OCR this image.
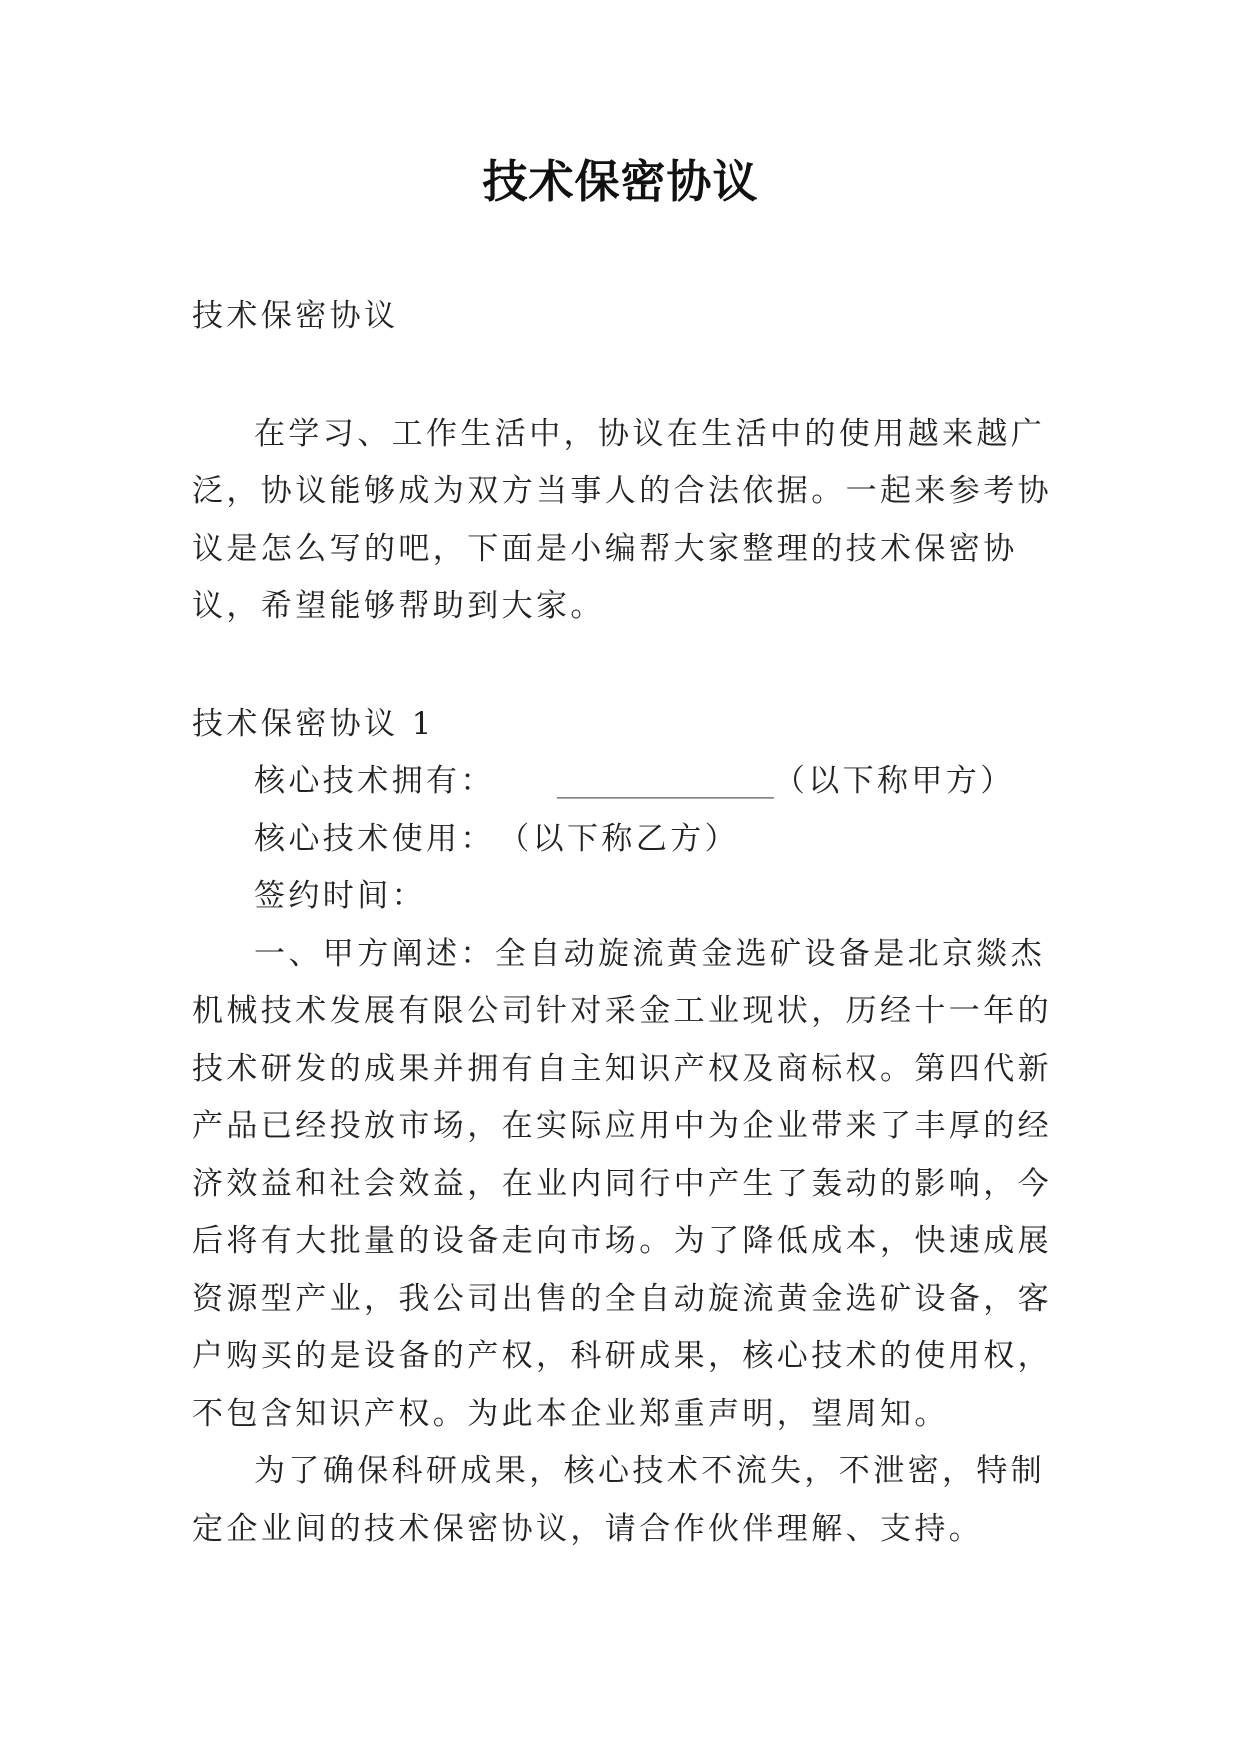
技术保密协议

技术保密协议

在学习、工作生活中，协议在生活中的使用越来越广泛，协议能够成为双方当事人的合法依据。一起来参考协议是怎么写的吧，下面是小编帮大家整理的技术保密协议，希望能够帮助到大家。

技术保密协议 1

核心技术拥有： ______________（以下称甲方）

核心技术使用：　 （以下称乙方）

签约时间：

一、甲方阐述：全自动旋流黄金选矿设备是北京燚杰机械技术发展有限公司针对采金工业现状，历经十一年的技术研发的成果并拥有自主知识产权及商标权。第四代新产品已经投放市场，在实际应用中为企业带来了丰厚的经济效益和社会效益，在业内同行中产生了轰动的影响，今后将有大批量的设备走向市场。为了降低成本，快速成展资源型产业，我公司出售的全自动旋流黄金选矿设备，客户购买的是设备的产权，科研成果，核心技术的使用权，不包含知识产权。为此本企业郑重声明，望周知。

为了确保科研成果，核心技术不流失，不泄密，特制定企业间的技术保密协议，请合作伙伴理解、支持。
